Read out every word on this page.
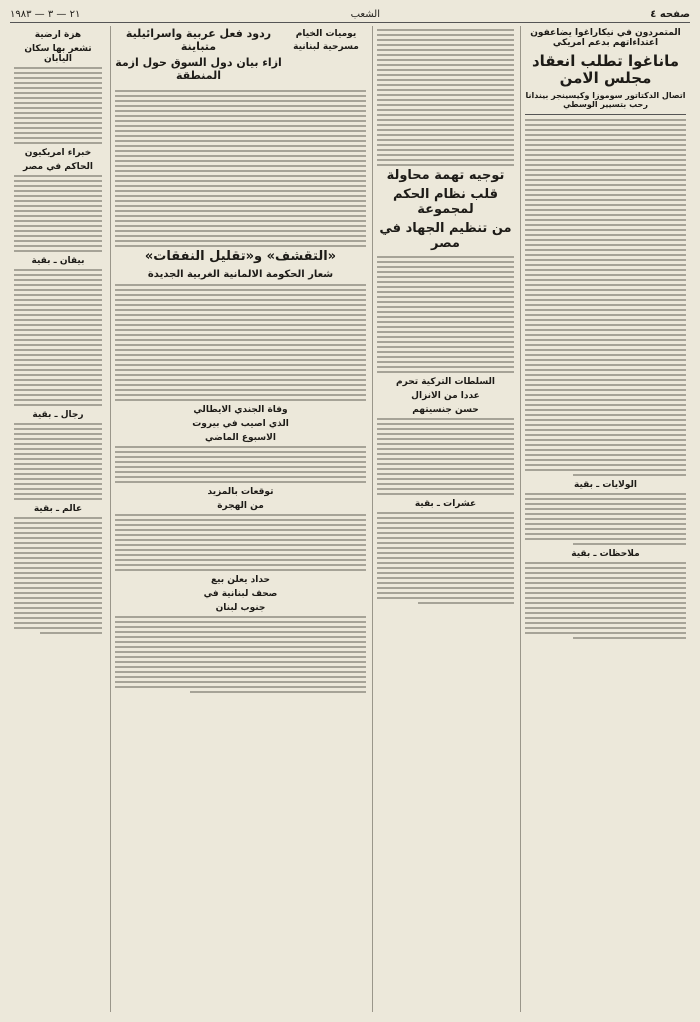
صفحه ٤
الشعب
٢١ — ٣ — ١٩٨٣
المتمردون في نيكاراغوا يضاعفون اعتداءاتهم بدعم امريكي
ماناغوا تطلب انعقاد مجلس الامن
اتصال الدكتاتور سوموزا وكيسينجر بيندانا رحب بتسيير الوسطي
الولايات ـ بقية
ملاحظات ـ بقية
توجيه تهمة محاولة
قلب نظام الحكم لمجموعة
من تنظيم الجهاد في مصر
السلطات التركية تحرم
عددا من الانزال
حسن جنسيتهم
عشرات ـ بقية
يوميات الخيام
مسرحية لبنانية
ردود فعل عربية واسرائيلية متباينة
ازاء بيان دول السوق حول ازمة المنطقة
«التقشف» و«تقليل النفقات»
شعار الحكومة الالمانية الغربية الجديدة
وفاة الجندي الايطالي
الذي اصيب في بيروت
الاسبوع الماضي
توقعات بالمزيد
من الهجرة
حداد يعلن بيع
صحف لبنانية في
جنوب لبنان
هزة ارضية
تشعر بها سكان اليابان
خبراء امريكيون
الحاكم في مصر
بيقان ـ بقية
رجال ـ بقية
عالم ـ بقية
